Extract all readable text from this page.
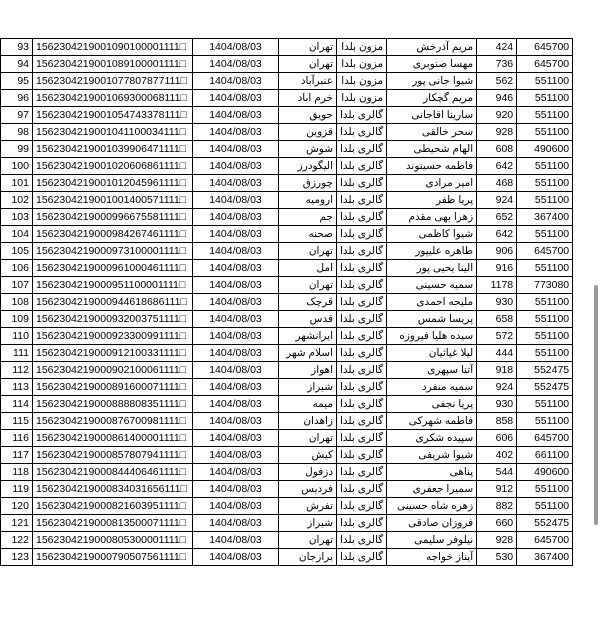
93	1562304219001090100001111□	1404/08/03	تهران	مزون بلدا	مریم آذرخش	424	645700
94	1562304219001089100001111□	1404/08/03	تهران	مزون بلدا	مهسا صنوبری	736	645700
95	1562304219001077807877111□	1404/08/03	عنبرآباد	مزون بلدا	شیوا جانی پور	562	551100
96	1562304219001069300068111□	1404/08/03	خرم اباد	مزون بلدا	مریم گچکار	946	551100
97	1562304219001054743378111□	1404/08/03	حویق	گالری بلدا	سارینا اقاجانی	920	551100
98	1562304219001041100034111□	1404/08/03	قزوین	گالری بلدا	سحر خالقی	928	551100
99	1562304219001039906471111□	1404/08/03	شوش	گالری بلدا	الهام شحیطی	608	490600
100	1562304219001020606861111□	1404/08/03	الیگودرز	گالری بلدا	فاطمه حسینوند	642	551100
101	1562304219001012045961111□	1404/08/03	چورزق	گالری بلدا	امیر مرادی	468	551100
102	1562304219001001400571111□	1404/08/03	ارومیه	گالری بلدا	پریا ظفر	924	551100
103	1562304219000996675581111□	1404/08/03	جم	گالری بلدا	زهرا بهی مقدم	652	367400
104	1562304219000984267461111□	1404/08/03	صحنه	گالری بلدا	شیوا کاظمی	642	551100
105	1562304219000973100001111□	1404/08/03	تهران	گالری بلدا	طاهره علیپور	906	645700
106	1562304219000961000461111□	1404/08/03	امل	گالری بلدا	الینا یحیی پور	916	551100
107	1562304219000951100001111□	1404/08/03	تهران	گالری بلدا	سمیه حسینی	1178	773080
108	1562304219000944618686111□	1404/08/03	قرچک	گالری بلدا	ملیحه احمدی	930	551100
109	1562304219000932003751111□	1404/08/03	قدس	گالری بلدا	پریسا شمس	658	551100
110	1562304219000923300991111□	1404/08/03	ایرانشهر	گالری بلدا	سیده هلیا فیروزه	572	551100
111	1562304219000912100331111□	1404/08/03	اسلام شهر	گالری بلدا	لیلا غیاثیان	444	551100
112	1562304219000902100061111□	1404/08/03	اهواز	گالری بلدا	آتنا سپهری	918	552475
113	1562304219000891600071111□	1404/08/03	شیراز	گالری بلدا	سمیه منفرد	924	552475
114	1562304219000888808351111□	1404/08/03	میمه	گالری بلدا	پریا نجفی	930	551100
115	1562304219000876700981111□	1404/08/03	زاهدان	گالری بلدا	فاطمه شهرکی	858	551100
116	1562304219000861400001111□	1404/08/03	تهران	گالری بلدا	سپیده شکری	606	645700
117	1562304219000857807941111□	1404/08/03	کیش	گالری بلدا	شیوا شریفی	402	661100
118	1562304219000844406461111□	1404/08/03	دزفول	گالری بلدا	پناهی	544	490600
119	1562304219000834031656111□	1404/08/03	فردیس	گالری بلدا	سمیرا جعفری	912	551100
120	1562304219000821603951111□	1404/08/03	تفرش	گالری بلدا	زهره شاه حسینی	882	551100
121	1562304219000813500071111□	1404/08/03	شیراز	گالری بلدا	فروزان صادقی	660	552475
122	1562304219000805300001111□	1404/08/03	تهران	گالری بلدا	نیلوفر سلیمی	928	645700
123	1562304219000790507561111□	1404/08/03	برازجان	گالری بلدا	آیناز خواجه	530	367400
